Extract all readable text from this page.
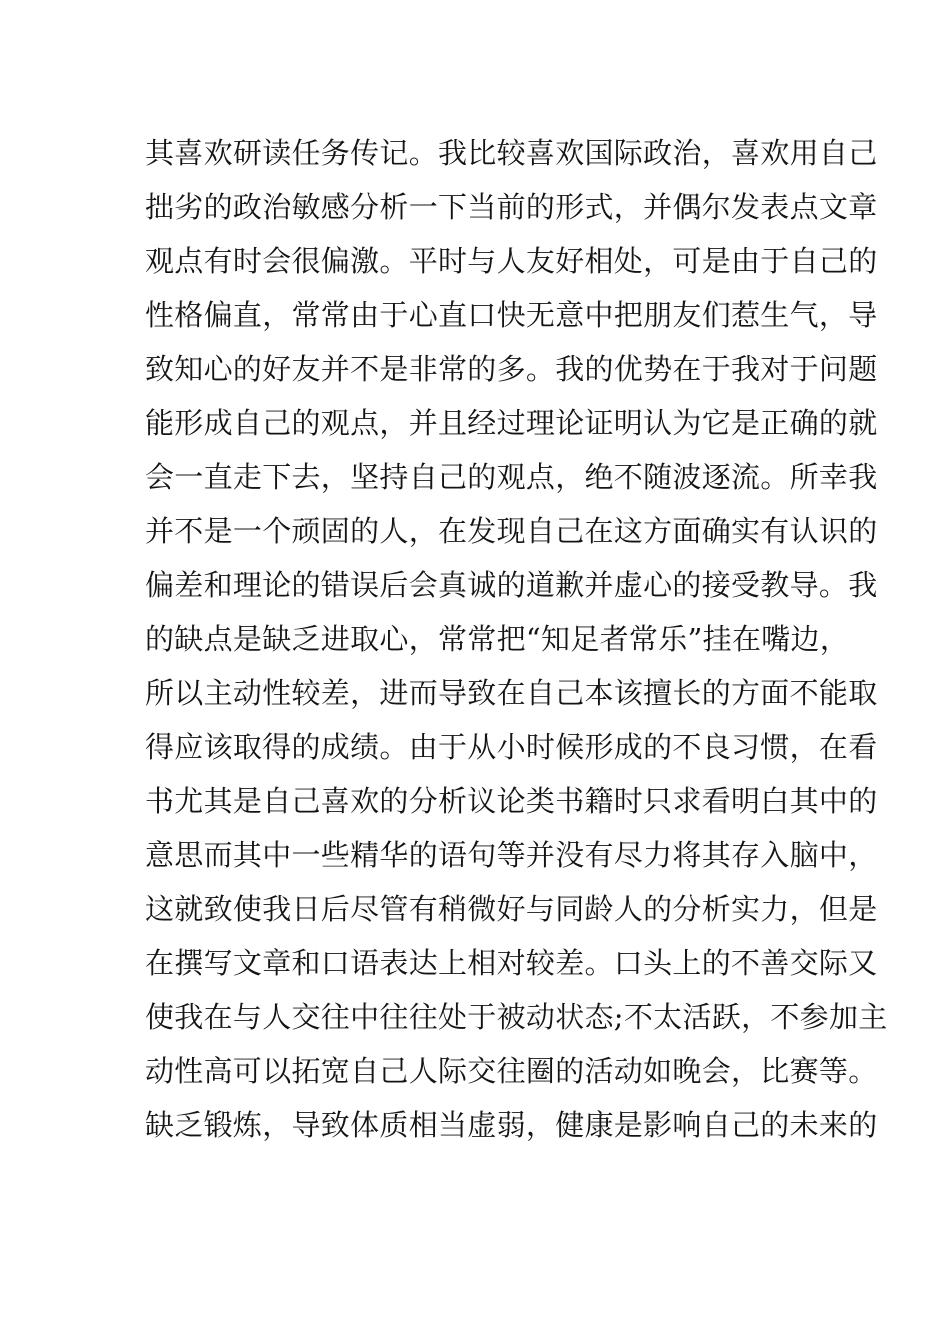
其喜欢研读任务传记。我比较喜欢国际政治，喜欢用自己
拙劣的政治敏感分析一下当前的形式，并偶尔发表点文章
观点有时会很偏激。平时与人友好相处，可是由于自己的
性格偏直，常常由于心直口快无意中把朋友们惹生气，导
致知心的好友并不是非常的多。我的优势在于我对于问题
能形成自己的观点，并且经过理论证明认为它是正确的就
会一直走下去，坚持自己的观点，绝不随波逐流。所幸我
并不是一个顽固的人，在发现自己在这方面确实有认识的
偏差和理论的错误后会真诚的道歉并虚心的接受教导。我
的缺点是缺乏进取心，常常把“知足者常乐”挂在嘴边，
所以主动性较差，进而导致在自己本该擅长的方面不能取
得应该取得的成绩。由于从小时候形成的不良习惯，在看
书尤其是自己喜欢的分析议论类书籍时只求看明白其中的
意思而其中一些精华的语句等并没有尽力将其存入脑中，
这就致使我日后尽管有稍微好与同龄人的分析实力，但是
在撰写文章和口语表达上相对较差。口头上的不善交际又
使我在与人交往中往往处于被动状态;不太活跃，不参加主
动性高可以拓宽自己人际交往圈的活动如晚会，比赛等。
缺乏锻炼，导致体质相当虚弱，健康是影响自己的未来的
